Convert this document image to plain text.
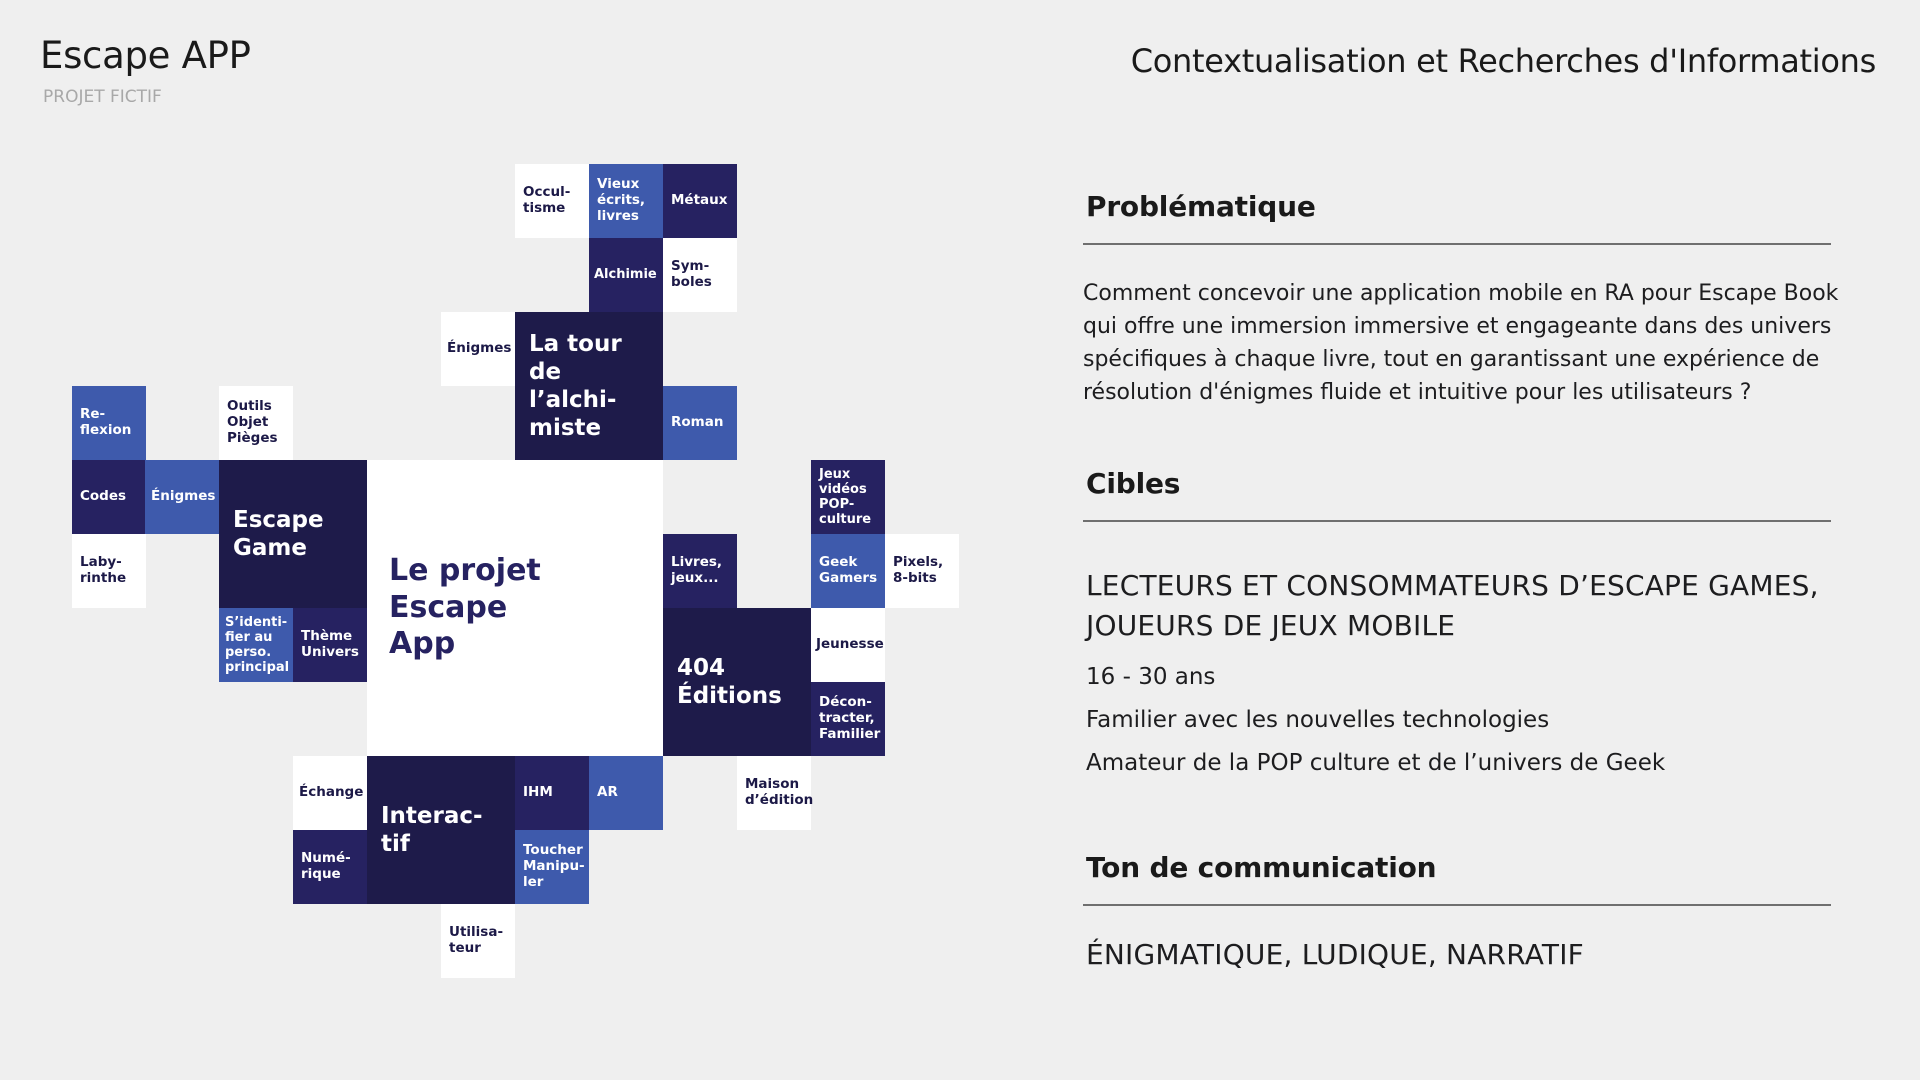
Escape APP
PROJET FICTIF
Contextualisation et Recherches d'Informations
Occul-
tisme
Vieux
écrits,
livres
Métaux
Alchimie
Sym-
boles
Énigmes La tour de
l’alchi-
miste
Re-
flexion
Outils
Objet
Pièges
Roman
Codes Énigmes
Escape
Game
Le projet
Escape
App
Jeux
vidéos
POP-
culture
Laby-
rinthe
Livres,
jeux...
Geek
Gamers
Pixels,
8-bits
S’identi-
fier au
perso.
principal
Thème
Univers
404
Éditions
Jeunesse
Décon-
tracter,
Familier
Échange
Interac-
tif
IHM	AR	Maison
d’édition
Numé-
rique
Toucher
Manipu-
ler
Utilisa-
teur
Problématique

Comment concevoir une application mobile en RA pour Escape Book qui offre une immersion immersive et engageante dans des univers spécifiques à chaque livre, tout en garantissant une expérience de résolution d'énigmes fluide et intuitive pour les utilisateurs ?

Cibles
LECTEURS ET CONSOMMATEURS D’ESCAPE GAMES, JOUEURS DE JEUX MOBILE
16 - 30 ans
Familier avec les nouvelles technologies
Amateur de la POP culture et de l’univers de Geek
Ton de communication
ÉNIGMATIQUE, LUDIQUE, NARRATIF
